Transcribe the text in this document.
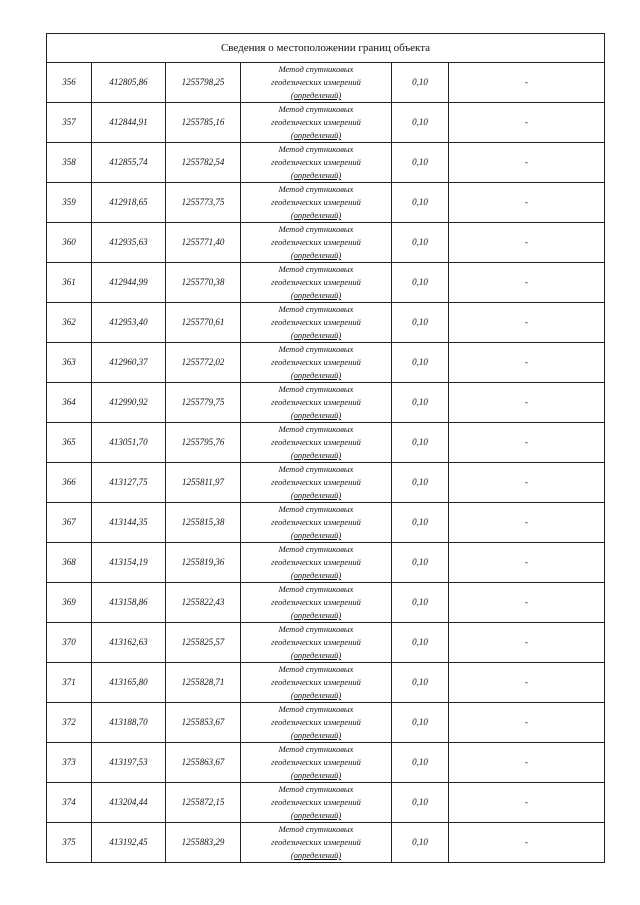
Сведения о местоположении границ объекта					
356	412805,86	1255798,25	Метод спутниковых
геодезических измерений
(определений)	0,10	-
357	412844,91	1255785,16	Метод спутниковых
геодезических измерений
(определений)	0,10	-
358	412855,74	1255782,54	Метод спутниковых
геодезических измерений
(определений)	0,10	-
359	412918,65	1255773,75	Метод спутниковых
геодезических измерений
(определений)	0,10	-
360	412935,63	1255771,40	Метод спутниковых
геодезических измерений
(определений)	0,10	-
361	412944,99	1255770,38	Метод спутниковых
геодезических измерений
(определений)	0,10	-
362	412953,40	1255770,61	Метод спутниковых
геодезических измерений
(определений)	0,10	-
363	412960,37	1255772,02	Метод спутниковых
геодезических измерений
(определений)	0,10	-
364	412990,92	1255779,75	Метод спутниковых
геодезических измерений
(определений)	0,10	-
365	413051,70	1255795,76	Метод спутниковых
геодезических измерений
(определений)	0,10	-
366	413127,75	1255811,97	Метод спутниковых
геодезических измерений
(определений)	0,10	-
367	413144,35	1255815,38	Метод спутниковых
геодезических измерений
(определений)	0,10	-
368	413154,19	1255819,36	Метод спутниковых
геодезических измерений
(определений)	0,10	-
369	413158,86	1255822,43	Метод спутниковых
геодезических измерений
(определений)	0,10	-
370	413162,63	1255825,57	Метод спутниковых
геодезических измерений
(определений)	0,10	-
371	413165,80	1255828,71	Метод спутниковых
геодезических измерений
(определений)	0,10	-
372	413188,70	1255853,67	Метод спутниковых
геодезических измерений
(определений)	0,10	-
373	413197,53	1255863,67	Метод спутниковых
геодезических измерений
(определений)	0,10	-
374	413204,44	1255872,15	Метод спутниковых
геодезических измерений
(определений)	0,10	-
375	413192,45	1255883,29	Метод спутниковых
геодезических измерений
(определений)	0,10	-
